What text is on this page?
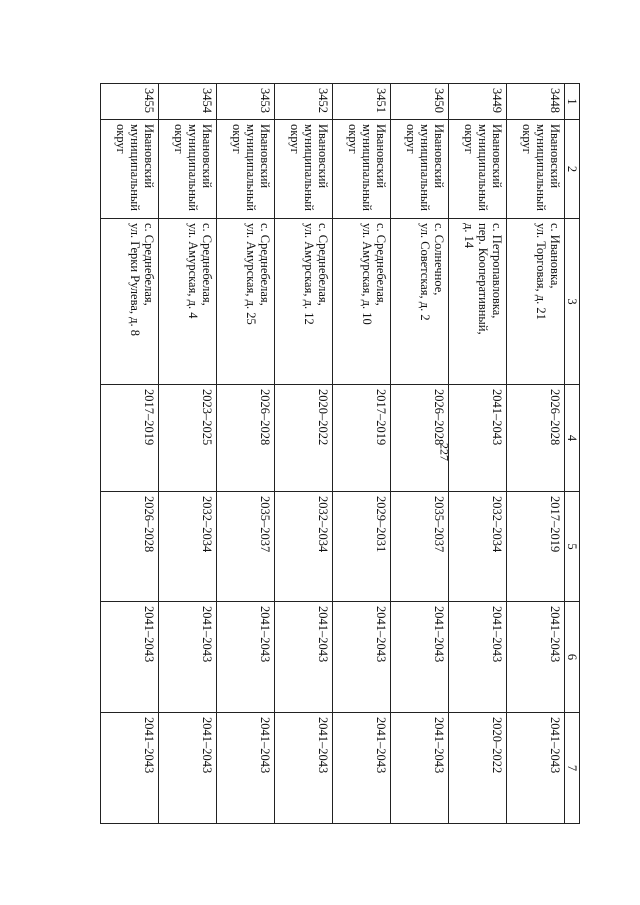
227
1	2	3	4	5	6	7
3448	Ивановский
муниципальный
округ	с. Ивановка,
ул. Торговая, д. 21	2026–2028	2017–2019	2041–2043	2041–2043
3449	Ивановский
муниципальный
округ	с. Петропавловка,
пер. Кооперативный,
д. 14	2041–2043	2032–2034	2041–2043	2020–2022
3450	Ивановский
муниципальный
округ	с. Солнечное,
ул. Советская, д. 2	2026–2028	2035–2037	2041–2043	2041–2043
3451	Ивановский
муниципальный
округ	с. Среднебелая,
ул. Амурская, д. 10	2017–2019	2029–2031	2041–2043	2041–2043
3452	Ивановский
муниципальный
округ	с. Среднебелая,
ул. Амурская, д. 12	2020–2022	2032–2034	2041–2043	2041–2043
3453	Ивановский
муниципальный
округ	с. Среднебелая,
ул. Амурская, д. 25	2026–2028	2035–2037	2041–2043	2041–2043
3454	Ивановский
муниципальный
округ	с. Среднебелая,
ул. Амурская, д. 4	2023–2025	2032–2034	2041–2043	2041–2043
3455	Ивановский
муниципальный
округ	с. Среднебелая,
ул. Герки Рулева, д. 8	2017–2019	2026–2028	2041–2043	2041–2043
